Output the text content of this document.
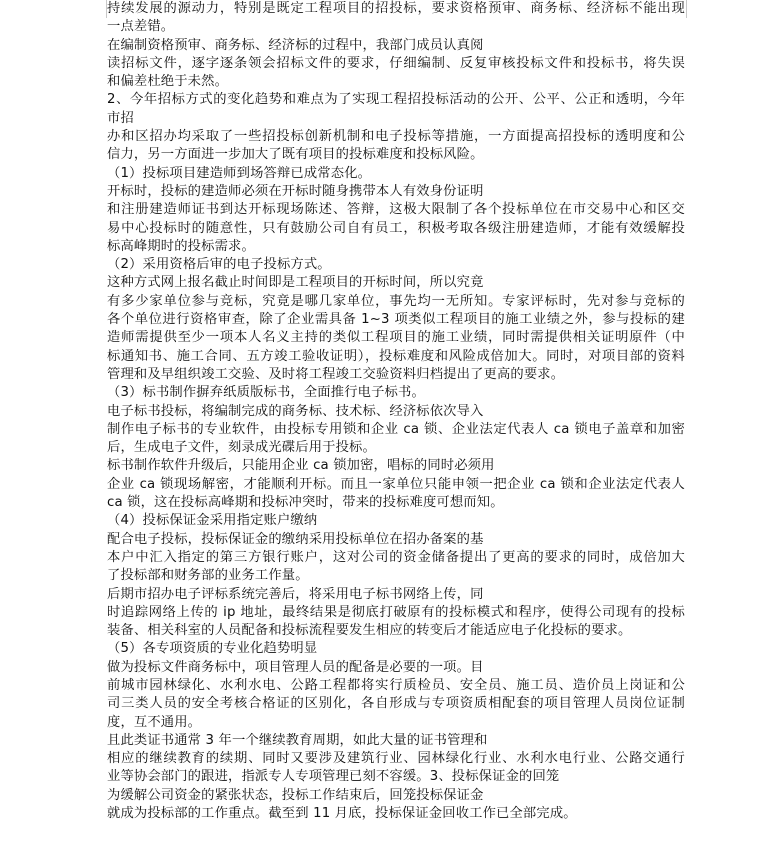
持续发展的源动力，特别是既定工程项目的招投标，要求资格预审、商务标、经济标不能出现
一点差错。
在编制资格预审、商务标、经济标的过程中，我部门成员认真阅
读招标文件，逐字逐条领会招标文件的要求，仔细编制、反复审核投标文件和投标书，将失误
和偏差杜绝于未然。
2、今年招标方式的变化趋势和难点为了实现工程招投标活动的公开、公平、公正和透明，今年
市招
办和区招办均采取了一些招投标创新机制和电子投标等措施，一方面提高招投标的透明度和公
信力，另一方面进一步加大了既有项目的投标难度和投标风险。
（1）投标项目建造师到场答辩已成常态化。
开标时，投标的建造师必须在开标时随身携带本人有效身份证明
和注册建造师证书到达开标现场陈述、答辩，这极大限制了各个投标单位在市交易中心和区交
易中心投标时的随意性，只有鼓励公司自有员工，积极考取各级注册建造师，才能有效缓解投
标高峰期时的投标需求。
（2）采用资格后审的电子投标方式。
这种方式网上报名截止时间即是工程项目的开标时间，所以究竟
有多少家单位参与竞标，究竟是哪几家单位，事先均一无所知。专家评标时，先对参与竞标的
各个单位进行资格审查，除了企业需具备 1~3 项类似工程项目的施工业绩之外，参与投标的建
造师需提供至少一项本人名义主持的类似工程项目的施工业绩，同时需提供相关证明原件（中
标通知书、施工合同、五方竣工验收证明），投标难度和风险成倍加大。同时，对项目部的资料
管理和及早组织竣工交验、及时将工程竣工交验资料归档提出了更高的要求。
（3）标书制作摒弃纸质版标书，全面推行电子标书。
电子标书投标，将编制完成的商务标、技术标、经济标依次导入
制作电子标书的专业软件，由投标专用锁和企业 ca 锁、企业法定代表人 ca 锁电子盖章和加密
后，生成电子文件，刻录成光碟后用于投标。
标书制作软件升级后，只能用企业 ca 锁加密，唱标的同时必须用
企业 ca 锁现场解密，才能顺利开标。而且一家单位只能申领一把企业 ca 锁和企业法定代表人
ca 锁，这在投标高峰期和投标冲突时，带来的投标难度可想而知。
（4）投标保证金采用指定账户缴纳
配合电子投标，投标保证金的缴纳采用投标单位在招办备案的基
本户中汇入指定的第三方银行账户，这对公司的资金储备提出了更高的要求的同时，成倍加大
了投标部和财务部的业务工作量。
后期市招办电子评标系统完善后，将采用电子标书网络上传，同
时追踪网络上传的 ip 地址，最终结果是彻底打破原有的投标模式和程序，使得公司现有的投标
装备、相关科室的人员配备和投标流程要发生相应的转变后才能适应电子化投标的要求。
（5）各专项资质的专业化趋势明显
做为投标文件商务标中，项目管理人员的配备是必要的一项。目
前城市园林绿化、水利水电、公路工程都将实行质检员、安全员、施工员、造价员上岗证和公
司三类人员的安全考核合格证的区别化，各自形成与专项资质相配套的项目管理人员岗位证制
度，互不通用。
且此类证书通常 3 年一个继续教育周期，如此大量的证书管理和
相应的继续教育的续期、同时又要涉及建筑行业、园林绿化行业、水利水电行业、公路交通行
业等协会部门的跟进，指派专人专项管理已刻不容缓。3、投标保证金的回笼
为缓解公司资金的紧张状态，投标工作结束后，回笼投标保证金
就成为投标部的工作重点。截至到 11 月底，投标保证金回收工作已全部完成。
